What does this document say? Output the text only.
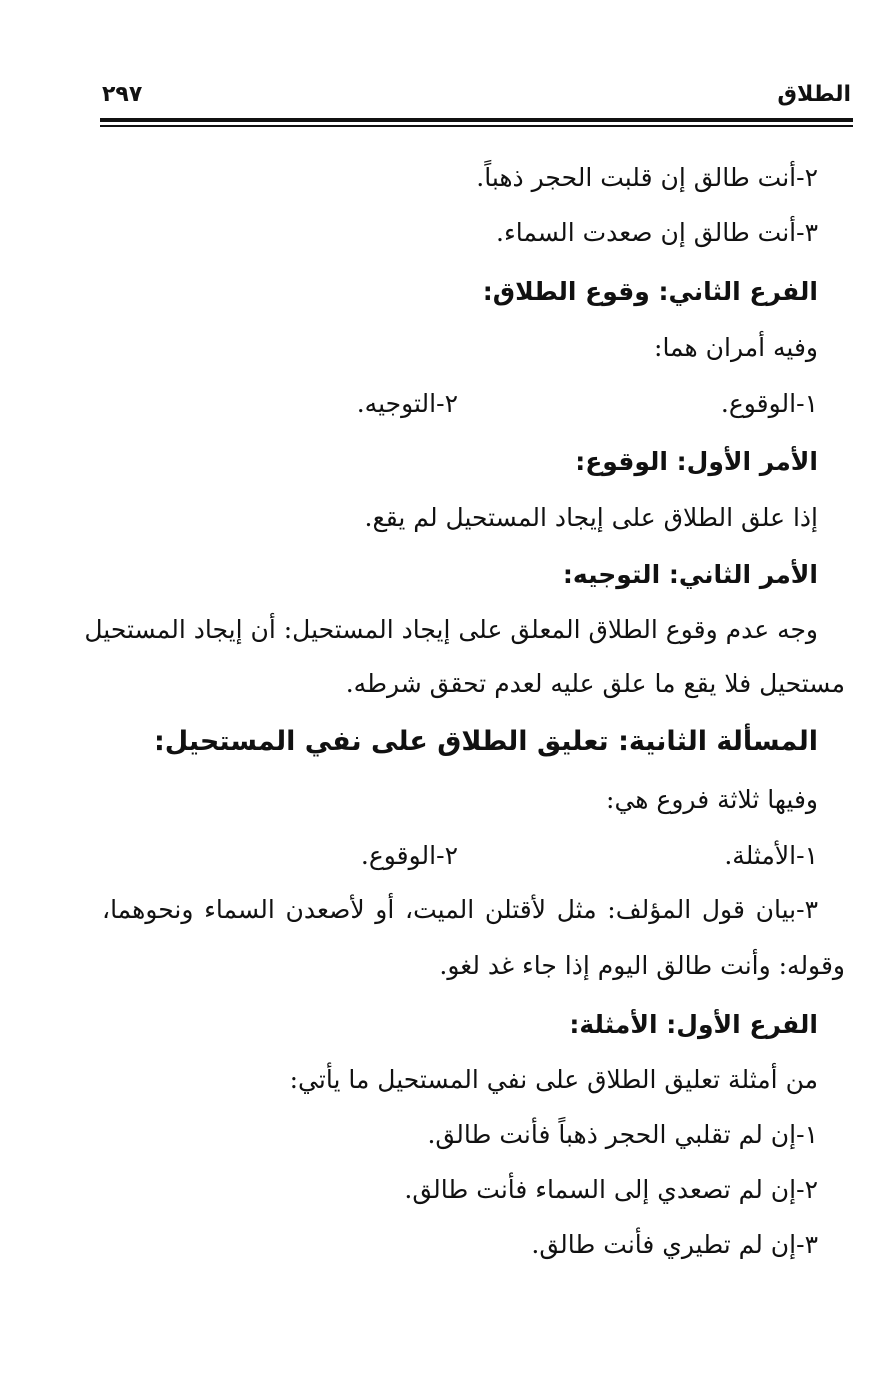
الطلاق
٢٩٧
٢-أنت طالق إن قلبت الحجر ذهباً.
٣-أنت طالق إن صعدت السماء.
الفرع الثاني: وقوع الطلاق:
وفيه أمران هما:
١-الوقوع.
٢-التوجيه.
الأمر الأول: الوقوع:
إذا علق الطلاق على إيجاد المستحيل لم يقع.
الأمر الثاني: التوجيه:
وجه عدم وقوع الطلاق المعلق على إيجاد المستحيل: أن إيجاد المستحيل
مستحيل فلا يقع ما علق عليه لعدم تحقق شرطه.
المسألة الثانية: تعليق الطلاق على نفي المستحيل:
وفيها ثلاثة فروع هي:
١-الأمثلة.
٢-الوقوع.
٣-بيان قول المؤلف: مثل لأقتلن الميت، أو لأصعدن السماء ونحوهما،
وقوله: وأنت طالق اليوم إذا جاء غد لغو.
الفرع الأول: الأمثلة:
من أمثلة تعليق الطلاق على نفي المستحيل ما يأتي:
١-إن لم تقلبي الحجر ذهباً فأنت طالق.
٢-إن لم تصعدي إلى السماء فأنت طالق.
٣-إن لم تطيري فأنت طالق.
